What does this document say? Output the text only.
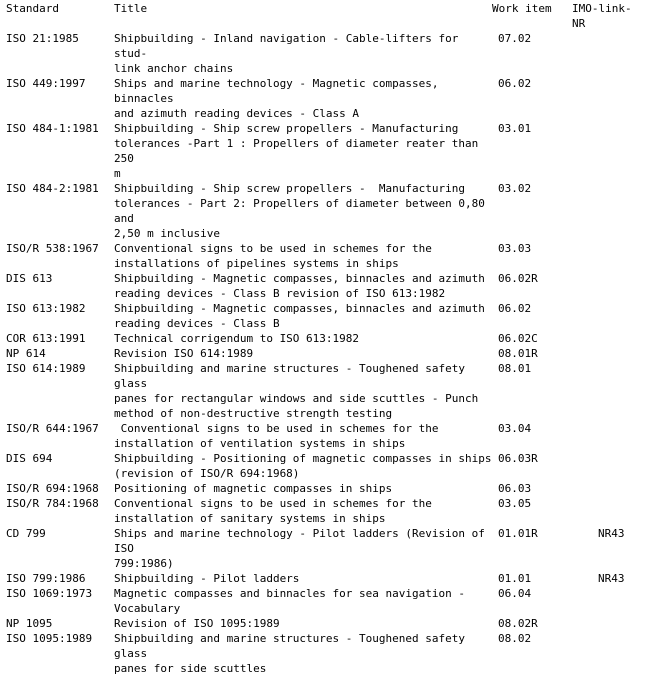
Standard	Title	Work item	IMO-link-NR
ISO 21:1985	Shipbuilding - Inland navigation - Cable-lifters for stud-
link anchor chains
07.02
ISO 449:1997	Ships and marine technology - Magnetic compasses, binnacles
and azimuth reading devices - Class A
06.02
ISO 484-1:1981	Shipbuilding - Ship screw propellers - Manufacturing
tolerances -Part 1 : Propellers of diameter reater than 250
m
03.01
ISO 484-2:1981	Shipbuilding - Ship screw propellers -  Manufacturing
tolerances - Part 2: Propellers of diameter between 0,80 and
2,50 m inclusive
03.02
ISO/R 538:1967	Conventional signs to be used in schemes for the
installations of pipelines systems in ships
03.03
DIS 613	Shipbuilding - Magnetic compasses, binnacles and azimuth
reading devices - Class B revision of ISO 613:1982
06.02R
ISO 613:1982	Shipbuilding - Magnetic compasses, binnacles and azimuth
reading devices - Class B
06.02
COR 613:1991	Technical corrigendum to ISO 613:1982	06.02C
NP 614	Revision ISO 614:1989	08.01R
ISO 614:1989	Shipbuilding and marine structures - Toughened safety glass
panes for rectangular windows and side scuttles - Punch
method of non-destructive strength testing
08.01
ISO/R 644:1967	Conventional signs to be used in schemes for the
installation of ventilation systems in ships
03.04
DIS 694	Shipbuilding - Positioning of magnetic compasses in ships
(revision of ISO/R 694:1968)
06.03R
ISO/R 694:1968	Positioning of magnetic compasses in ships	06.03
ISO/R 784:1968	Conventional signs to be used in schemes for the
installation of sanitary systems in ships
03.05
CD 799	Ships and marine technology - Pilot ladders (Revision of ISO
799:1986)
01.01R	NR43
ISO 799:1986	Shipbuilding - Pilot ladders	01.01	NR43
ISO 1069:1973	Magnetic compasses and binnacles for sea navigation -
Vocabulary
06.04
NP 1095	Revision of ISO 1095:1989	08.02R
ISO 1095:1989	Shipbuilding and marine structures - Toughened safety glass
panes for side scuttles
08.02
